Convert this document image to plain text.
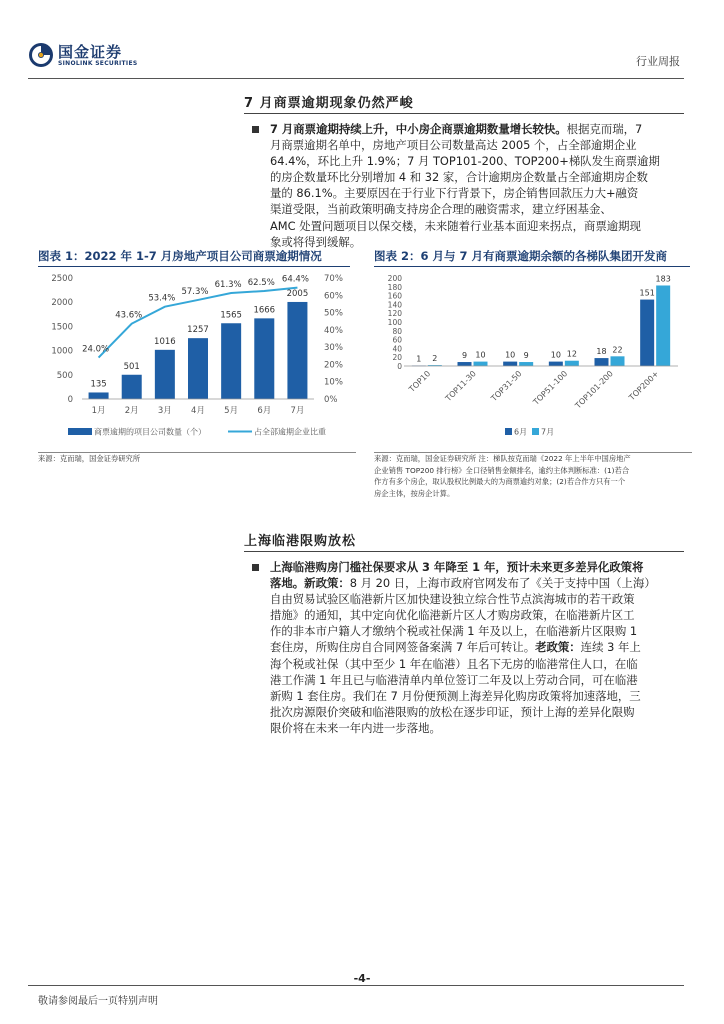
国金证券
SINOLINK SECURITIES	行业周报
7 月商票逾期现象仍然严峻
7 月商票逾期持续上升，中小房企商票逾期数量增长较快。根据克而瑞，7
月商票逾期名单中，房地产项目公司数量高达 2005 个，占全部逾期企业
64.4%，环比上升 1.9%；7 月 TOP101-200、TOP200+梯队发生商票逾期
的房企数量环比分别增加 4 和 32 家，合计逾期房企数量占全部逾期房企数
量的 86.1%。主要原因在于行业下行背景下，房企销售回款压力大+融资
渠道受限，当前政策明确支持房企合理的融资需求，建立纾困基金、
AMC 处置问题项目以保交楼，未来随着行业基本面迎来拐点，商票逾期现
象或将得到缓解。
图表 1：2022 年 1-7 月房地产项目公司商票逾期情况
0
500
1000
1500
2000
2500
0%
10%
20%
30%
40%
50%
60%
70%
135
501
1016
1257
1565 1666
2005
24.0%
43.6%
53.4%
57.3%
61.3% 62.5% 64.4%
1月 2月 3月 4月 5月 6月 7月
商票逾期的项目公司数量（个）	占全部逾期企业比重
来源：克而瑞，国金证券研究所
图表 2：6 月与 7 月有商票逾期余额的各梯队集团开发商
0
20
40
60
80
100
120
140
160
180
200
1 2	9 10 10 9	10 12 18 22
151
183
TOP10 TOP11-30 TOP31-50 TOP51-100 TOP101-200 TOP200+
6月 7月
来源：克而瑞，国金证券研究所 注：梯队按克而瑞《2022 年上半年中国房地产
企业销售 TOP200 排行榜》全口径销售金额排名，逾约主体判断标准：(1)若合
作方有多个房企，取认股权比例最大的为商票逾约对象；(2)若合作方只有一个
房企主体，按房企计算。
上海临港限购放松
上海临港购房门槛社保要求从 3 年降至 1 年，预计未来更多差异化政策将
落地。新政策：8 月 20 日，上海市政府官网发布了《关于支持中国（上海）
自由贸易试验区临港新片区加快建设独立综合性节点滨海城市的若干政策
措施》的通知，其中定向优化临港新片区人才购房政策，在临港新片区工
作的非本市户籍人才缴纳个税或社保满 1 年及以上，在临港新片区限购 1
套住房，所购住房自合同网签备案满 7 年后可转让。老政策：连续 3 年上
海个税或社保（其中至少 1 年在临港）且名下无房的临港常住人口，在临
港工作满 1 年且已与临港清单内单位签订二年及以上劳动合同，可在临港
新购 1 套住房。我们在 7 月份便预测上海差异化购房政策将加速落地，三
批次房源限价突破和临港限购的放松在逐步印证，预计上海的差异化限购
限价将在未来一年内进一步落地。
-4-
敬请参阅最后一页特别声明
